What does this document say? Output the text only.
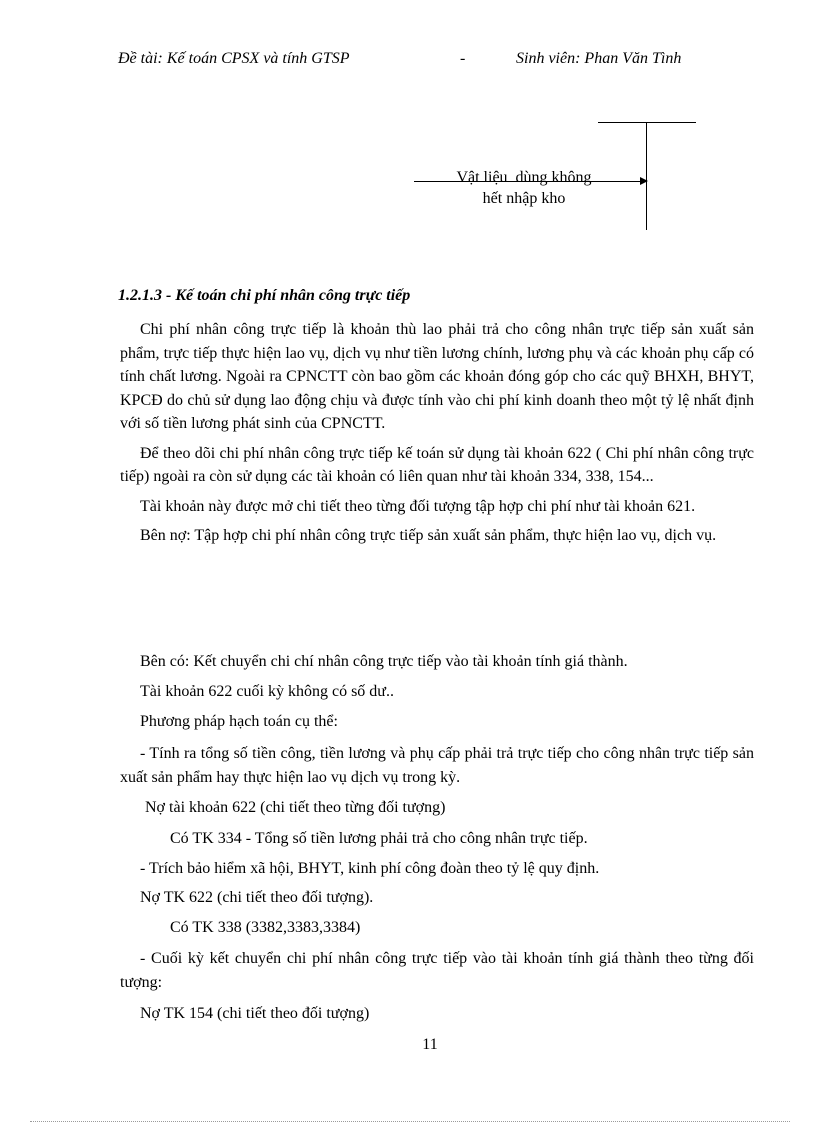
Đề tài: Kế toán CPSX và tính GTSP	-	Sinh viên: Phan Văn Tình
Vật liệu  dùng không
hết nhập kho
1.2.1.3 - Kế toán chi phí nhân công trực tiếp

Chi phí nhân công trực tiếp là khoản thù lao phải trả cho công nhân trực tiếp sản xuất sản phẩm, trực tiếp thực hiện lao vụ, dịch vụ như tiền lương chính, lương phụ và các khoản phụ cấp có tính chất lương. Ngoài ra CPNCTT còn bao gồm các khoản đóng góp cho các quỹ BHXH, BHYT, KPCĐ do chủ sử dụng lao động chịu và được tính vào chi phí kinh doanh theo một tỷ lệ nhất định với số tiền lương phát sinh của CPNCTT.

Để theo dõi chi phí nhân công trực tiếp kế toán sử dụng tài khoản 622 ( Chi phí nhân công trực tiếp) ngoài ra còn sử dụng các tài khoản có liên quan như tài khoản 334, 338, 154...

Tài khoản này được mở chi tiết theo từng đối tượng tập hợp chi phí như tài khoản 621.

Bên nợ: Tập hợp chi phí nhân công trực tiếp sản xuất sản phẩm, thực hiện lao vụ, dịch vụ.

Bên có: Kết chuyển chi chí nhân công trực tiếp vào tài khoản tính giá thành.
Tài khoản 622 cuối kỳ không có số dư..
Phương pháp hạch toán cụ thể:
- Tính ra tổng số tiền công, tiền lương và phụ cấp phải trả trực tiếp cho công nhân trực tiếp sản xuất sản phẩm hay thực hiện lao vụ dịch vụ trong kỳ.
Nợ tài khoản 622 (chi tiết theo từng đối tượng)
Có TK 334 - Tổng số tiền lương phải trả cho công nhân trực tiếp.
- Trích bảo hiểm xã hội, BHYT, kinh phí công đoàn theo tỷ lệ quy định.
Nợ TK 622 (chi tiết theo đối tượng).
Có TK 338 (3382,3383,3384)
- Cuối kỳ kết chuyển chi phí nhân công trực tiếp vào tài khoản tính giá thành theo từng đối tượng:
Nợ TK 154 (chi tiết theo đối tượng)
11
